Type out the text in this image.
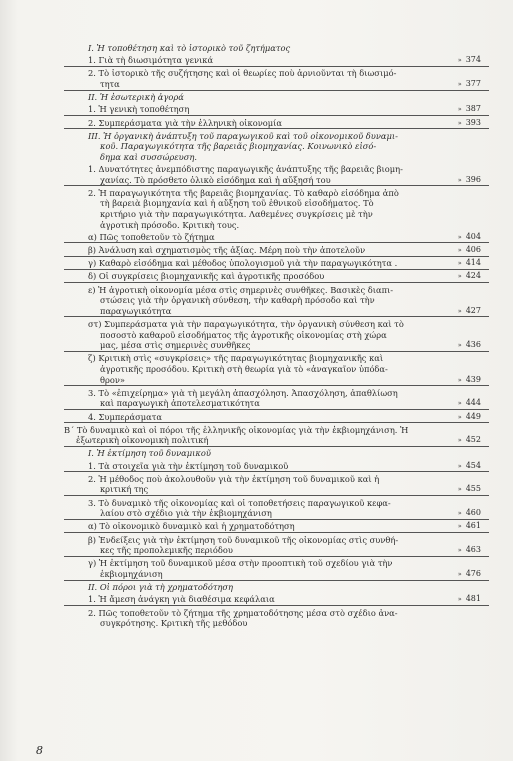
I. Ἡ τοποθέτηση καὶ τὸ ἱστορικὸ τοῦ ζητήματος
1. Γιὰ τὴ διωσιμότητα γενικά	» 374
2. Τὸ ἱστορικὸ τῆς συζήτησης καὶ οἱ θεωρίες ποὺ ἀρνιοῦνται τὴ διωσιμό-
τητα	» 377
II. Ἡ ἐσωτερικὴ ἀγορά
1. Ἡ γενικὴ τοποθέτηση	» 387
2. Συμπεράσματα γιὰ τὴν ἑλληνικὴ οἰκονομία	» 393
III. Ἡ ὀργανικὴ ἀνάπτυξη τοῦ παραγωγικοῦ καὶ τοῦ οἰκονομικοῦ δυναμι-
κοῦ. Παραγωγικότητα τῆς βαρειᾶς βιομηχανίας. Κοινωνικὸ εἰσό-
δημα καὶ συσσώρευση.
1. Δυνατότητες ἀνεμπόδιστης παραγωγικῆς ἀνάπτυξης τῆς βαρειᾶς βιομη-
χανίας. Τὸ πρόσθετο ὁλικὸ εἰσόδημα καὶ ἡ αὔξησή του	» 396
2. Ἡ παραγωγικότητα τῆς βαρειᾶς βιομηχανίας. Τὸ καθαρὸ εἰσόδημα ἀπὸ
τὴ βαρειὰ βιομηχανία καὶ ἡ αὔξηση τοῦ ἐθνικοῦ εἰσοδήματος. Τὸ
κριτήριο γιὰ τὴν παραγωγικότητα. Λαθεμένες συγκρίσεις μὲ τὴν
ἀγροτικὴ πρόσοδο. Κριτικὴ τους.
α) Πῶς τοποθετοῦν τὸ ζήτημα	» 404
β) Ἀνάλυση καὶ σχηματισμὸς τῆς ἀξίας. Μέρη ποὺ τὴν ἀποτελοῦν	» 406
γ) Καθαρὸ εἰσόδημα καὶ μέθοδος ὑπολογισμοῦ γιὰ τὴν παραγωγικότητα .	» 414
δ) Οἱ συγκρίσεις βιομηχανικῆς καὶ ἀγροτικῆς προσόδου	» 424
ε) Ἡ ἀγροτικὴ οἰκονομία μέσα στὶς σημερινὲς συνθῆκες. Βασικὲς διαπι-
στώσεις γιὰ τὴν ὀργανικὴ σύνθεση, τὴν καθαρὴ πρόσοδο καὶ τὴν
παραγωγικότητα	» 427
στ) Συμπεράσματα γιὰ τὴν παραγωγικότητα, τὴν ὀργανικὴ σύνθεση καὶ τὸ
ποσοστὸ καθαροῦ εἰσοδήματος τῆς ἀγροτικῆς οἰκονομίας στὴ χώρα
μας, μέσα στὶς σημερινὲς συνθῆκες	» 436
ζ) Κριτικὴ στὶς «συγκρίσεις» τῆς παραγωγικότητας βιομηχανικῆς καὶ
ἀγροτικῆς προσόδου. Κριτικὴ στὴ θεωρία γιὰ τὸ «ἀναγκαῖον ὑπόδα-
θρον»	» 439
3. Τὸ «ἐπιχείρημα» γιὰ τὴ μεγάλη ἀπασχόληση. Ἀπασχόληση, ἀπαθλίωση
καὶ παραγωγικὴ ἀποτελεσματικότητα	» 444
4. Συμπεράσματα	» 449
Β΄ Τὸ δυναμικὸ καὶ οἱ πόροι τῆς ἑλληνικῆς οἰκονομίας γιὰ τὴν ἐκβιομηχάνιση. Ἡ
ἐξωτερικὴ οἰκονομικὴ πολιτική	» 452
I. Ἡ ἐκτίμηση τοῦ δυναμικοῦ
1. Τὰ στοιχεῖα γιὰ τὴν ἐκτίμηση τοῦ δυναμικοῦ	» 454
2. Ἡ μέθοδος ποὺ ἀκολουθοῦν γιὰ τὴν ἐκτίμηση τοῦ δυναμικοῦ καὶ ἡ
κριτική της	» 455
3. Τὸ δυναμικὸ τῆς οἰκονομίας καὶ οἱ τοποθετήσεις παραγωγικοῦ κεφα-
λαίου στὸ σχέδιο γιὰ τὴν ἐκβιομηχάνιση	» 460
α) Τὸ οἰκονομικὸ δυναμικὸ καὶ ἡ χρηματοδότηση	» 461
β) Ἐνδείξεις γιὰ τὴν ἐκτίμηση τοῦ δυναμικοῦ τῆς οἰκονομίας στὶς συνθή-
κες τῆς προπολεμικῆς περιόδου	» 463
γ) Ἡ ἐκτίμηση τοῦ δυναμικοῦ μέσα στὴν προοπτικὴ τοῦ σχεδίου γιὰ τὴν
ἐκβιομηχάνιση	» 476
II. Οἱ πόροι γιὰ τὴ χρηματοδότηση
1. Ἡ ἄμεση ἀνάγκη γιὰ διαθέσιμα κεφάλαια	» 481
2. Πῶς τοποθετοῦν τὸ ζήτημα τῆς χρηματοδότησης μέσα στὸ σχέδιο ἀνα-
συγκρότησης. Κριτικὴ τῆς μεθόδου
8
